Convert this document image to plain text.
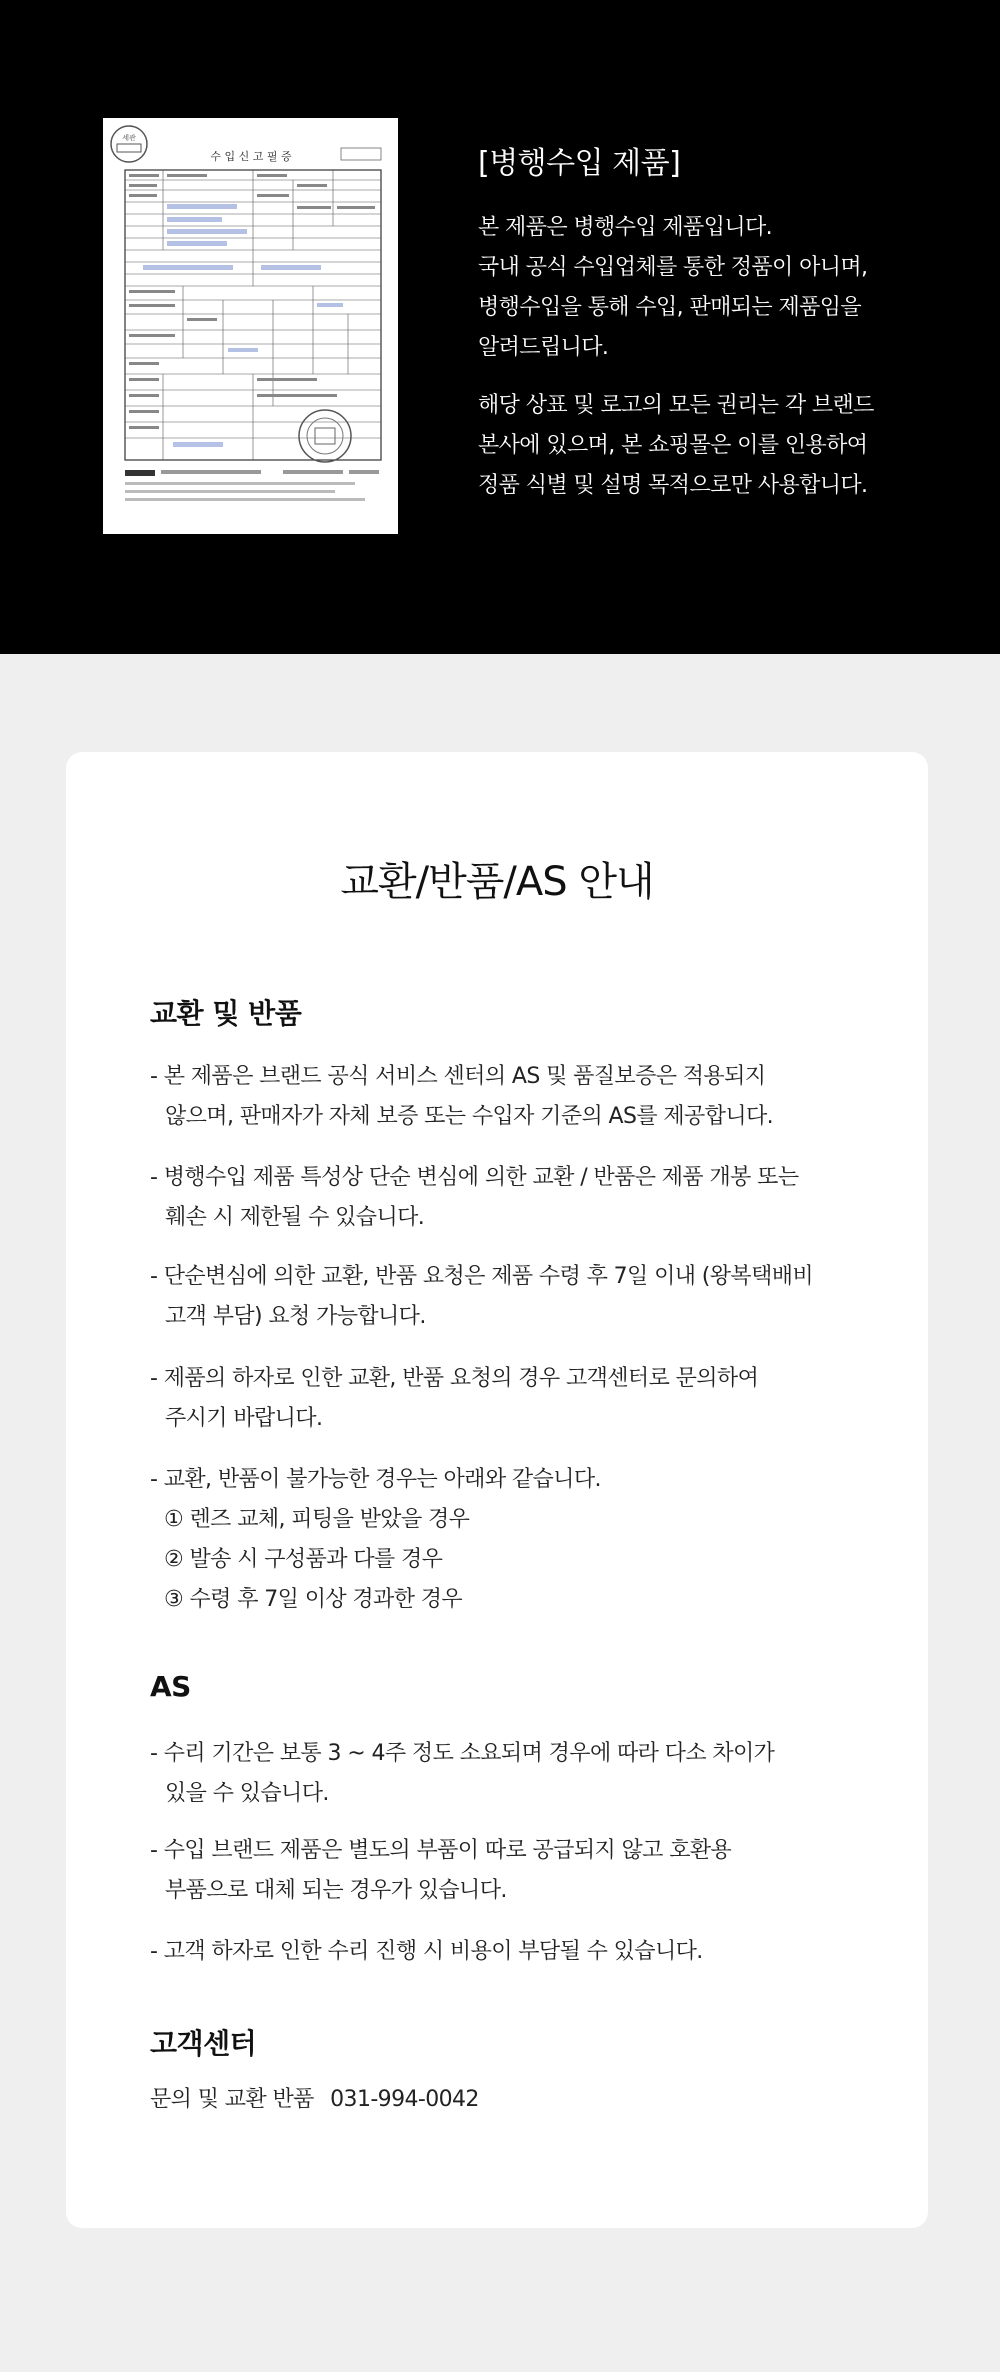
세관
수 입 신 고 필 증	[병행수입 제품]

본 제품은 병행수입 제품입니다.

국내 공식 수입업체를 통한 정품이 아니며,

병행수입을 통해 수입, 판매되는 제품임을

알려드립니다.

해당 상표 및 로고의 모든 권리는 각 브랜드

본사에 있으며, 본 쇼핑몰은 이를 인용하여

정품 식별 및 설명 목적으로만 사용합니다.

교환/반품/AS 안내
교환 및 반품
- 본 제품은 브랜드 공식 서비스 센터의 AS 및 품질보증은 적용되지
않으며, 판매자가 자체 보증 또는 수입자 기준의 AS를 제공합니다.
- 병행수입 제품 특성상 단순 변심에 의한 교환 / 반품은 제품 개봉 또는
훼손 시 제한될 수 있습니다.
- 단순변심에 의한 교환, 반품 요청은 제품 수령 후 7일 이내 (왕복택배비
고객 부담) 요청 가능합니다.
- 제품의 하자로 인한 교환, 반품 요청의 경우 고객센터로 문의하여
주시기 바랍니다.
- 교환, 반품이 불가능한 경우는 아래와 같습니다.
① 렌즈 교체, 피팅을 받았을 경우
② 발송 시 구성품과 다를 경우
③ 수령 후 7일 이상 경과한 경우
AS
- 수리 기간은 보통 3 ~ 4주 정도 소요되며 경우에 따라 다소 차이가
있을 수 있습니다.
- 수입 브랜드 제품은 별도의 부품이 따로 공급되지 않고 호환용
부품으로 대체 되는 경우가 있습니다.
- 고객 하자로 인한 수리 진행 시 비용이 부담될 수 있습니다.
고객센터
문의 및 교환 반품 031-994-0042
